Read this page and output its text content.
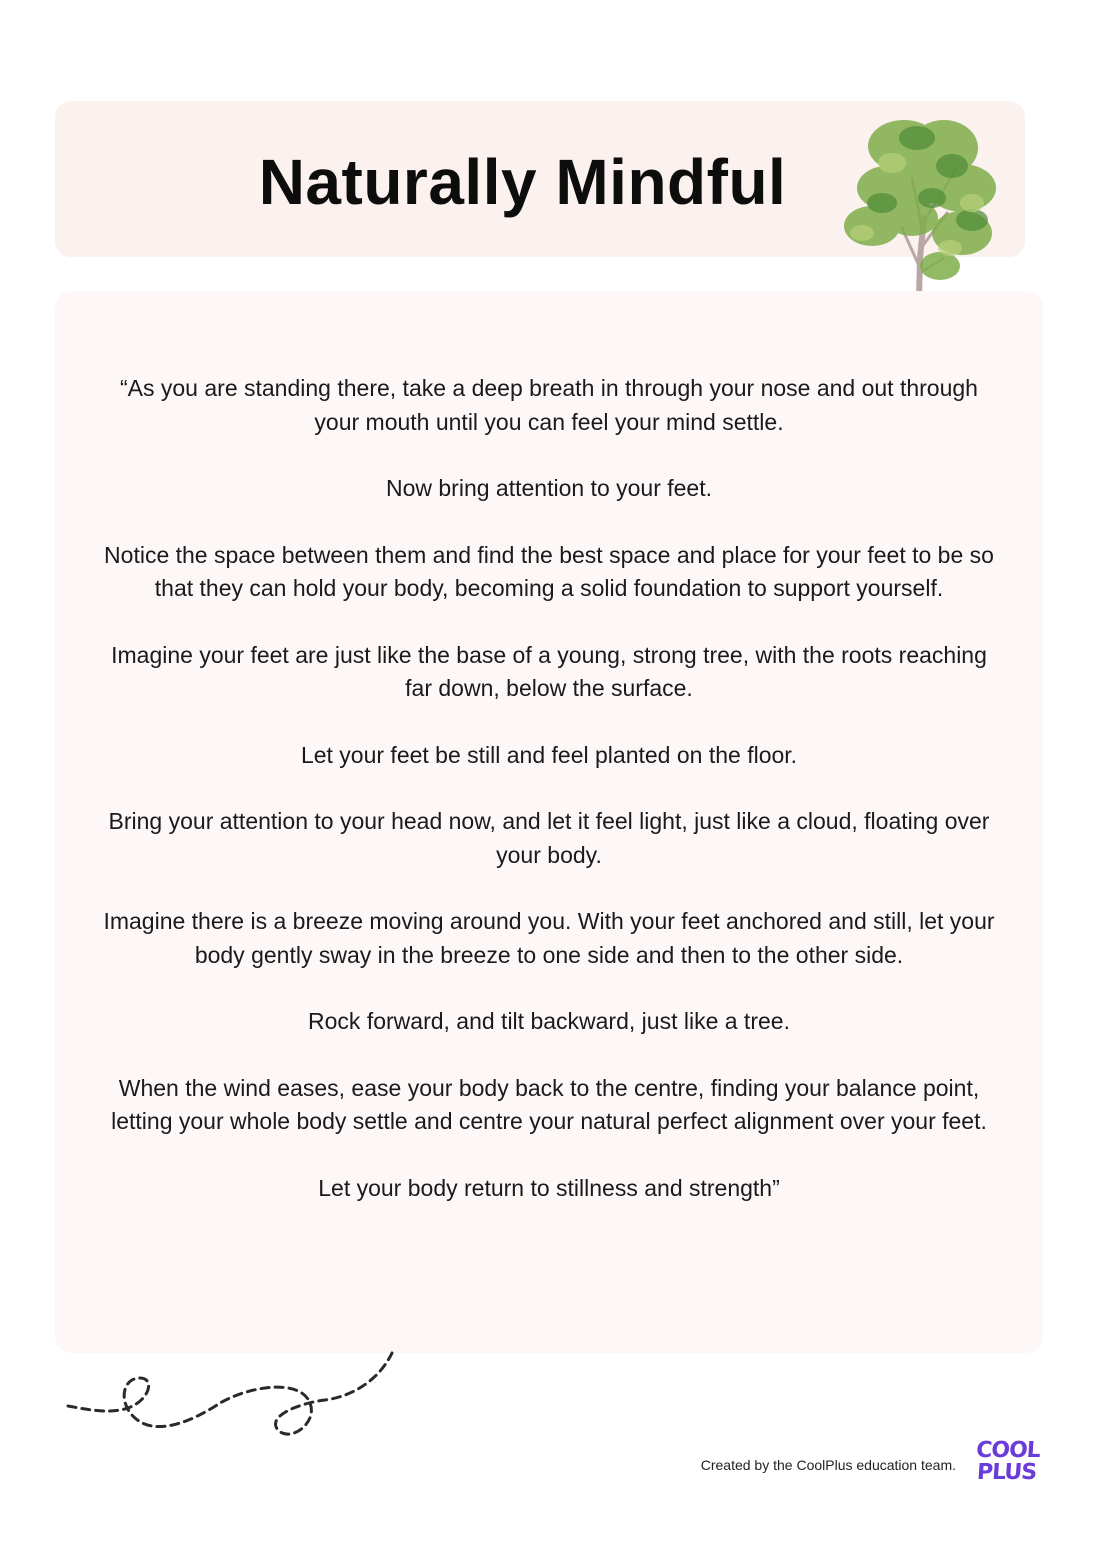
Naturally Mindful

“As you are standing there, take a deep breath in through your nose and out through your mouth until you can feel your mind settle.

Now bring attention to your feet.

Notice the space between them and find the best space and place for your feet to be so that they can hold your body, becoming a solid foundation to support yourself.

Imagine your feet are just like the base of a young, strong tree, with the roots reaching far down, below the surface.

Let your feet be still and feel planted on the floor.

Bring your attention to your head now, and let it feel light, just like a cloud, floating over your body.

Imagine there is a breeze moving around you. With your feet anchored and still, let your body gently sway in the breeze to one side and then to the other side.

Rock forward, and tilt backward, just like a tree.

When the wind eases, ease your body back to the centre, finding your balance point, letting your whole body settle and centre your natural perfect alignment over your feet.

Let your body return to stillness and strength”

Created by the CoolPlus education team.
COOL
PLUS
